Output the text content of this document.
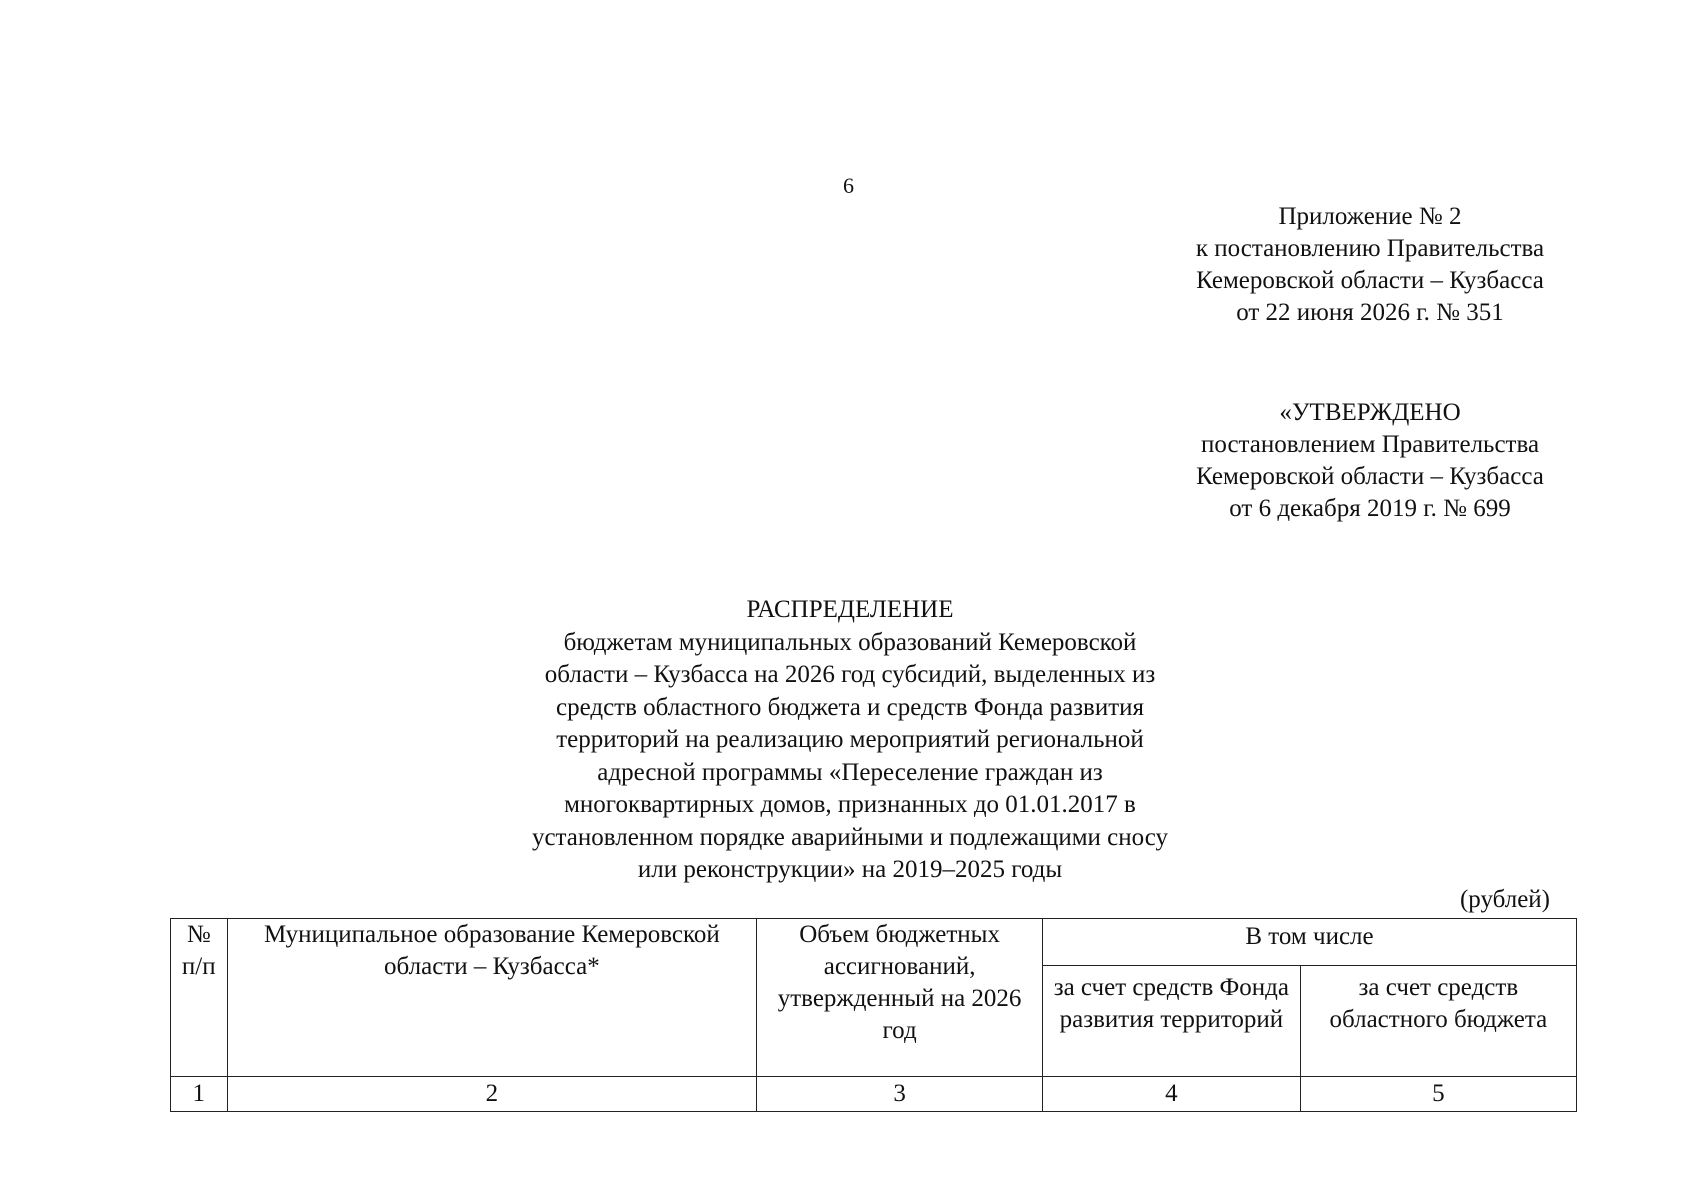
6
Приложение № 2
к постановлению Правительства
Кемеровской области – Кузбасса
от 22 июня 2026 г. № 351
«УТВЕРЖДЕНО
постановлением Правительства
Кемеровской области – Кузбасса
от 6 декабря 2019 г. № 699
РАСПРЕДЕЛЕНИЕ
бюджетам муниципальных образований Кемеровской
области – Кузбасса на 2026 год субсидий, выделенных из
средств областного бюджета и средств Фонда развития
территорий на реализацию мероприятий региональной
адресной программы «Переселение граждан из
многоквартирных домов, признанных до 01.01.2017 в
установленном порядке аварийными и подлежащими сносу
или реконструкции» на 2019–2025 годы
(рублей)
№ п/п	Муниципальное образование Кемеровской области – Кузбасса*	Объем бюджетных ассигнований, утвержденный на 2026 год	В том числе	
			за счет средств Фонда развития территорий	за счет средств областного бюджета
1	2	3	4	5
